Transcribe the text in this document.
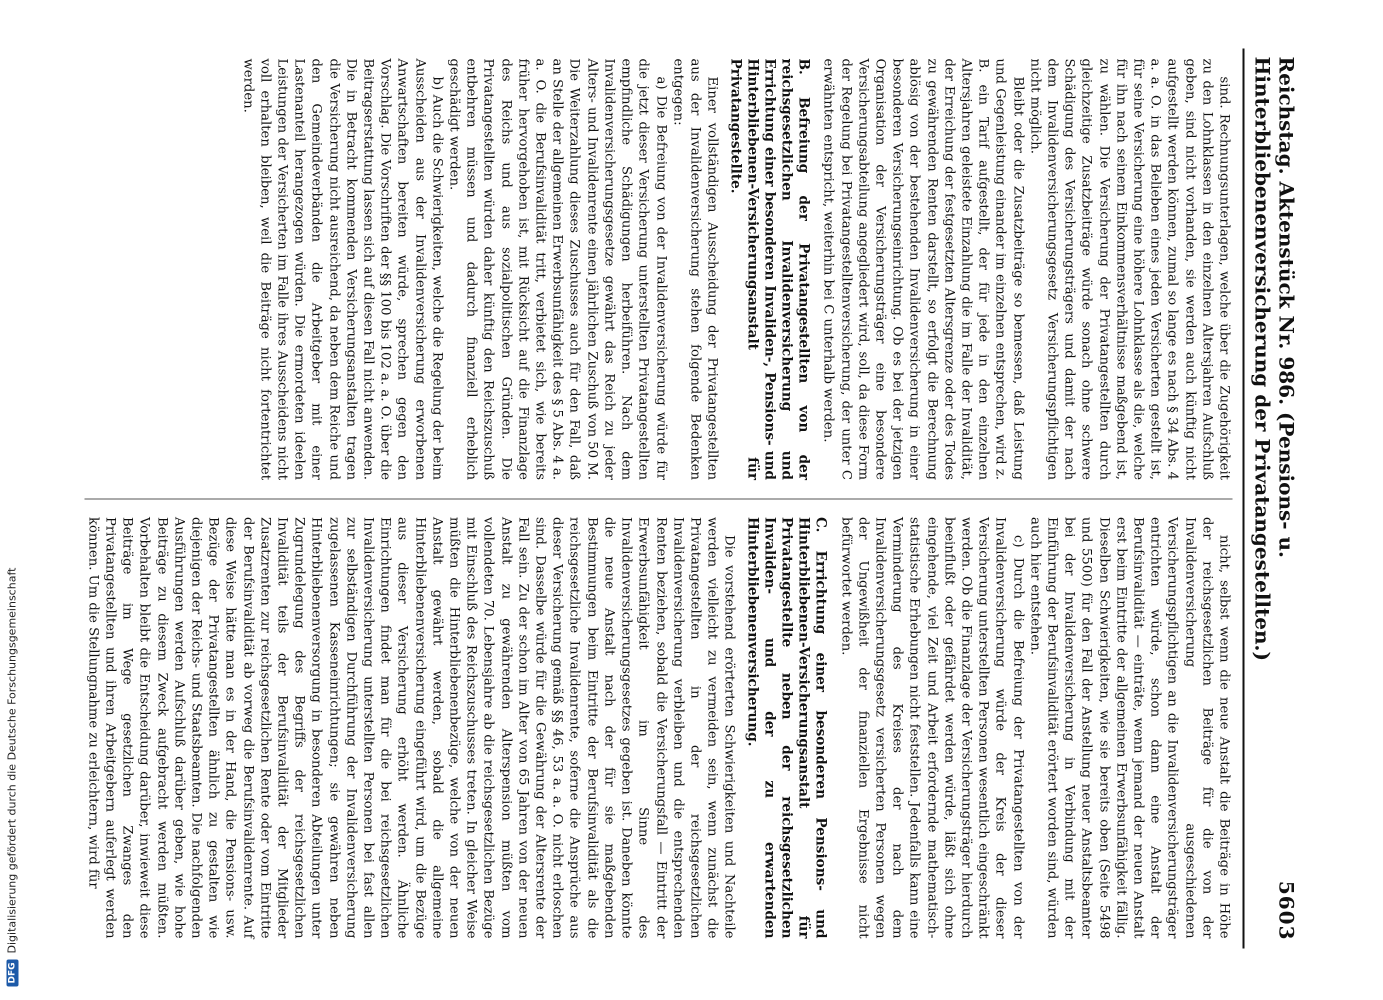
DFG
Digitalisierung gefördert durch die Deutsche Forschungsgemeinschaft
Reichstag. Aktenstück Nr. 986. (Pensions- u. Hinterbliebenenversicherung der Privatangestellten.)
5603

sind. Rechnungsunterlagen, welche über die Zugehörigkeit zu den Lohnklassen in den einzelnen Altersjahren Aufschluß geben, sind nicht vorhanden, sie werden auch künftig nicht aufgestellt werden können, zumal so lange es nach § 34 Abs. 4 a. a. O. in das Belieben eines jeden Versicherten gestellt ist, für seine Versicherung eine höhere Lohnklasse als die, welche für ihn nach seinem Einkommensverhältnisse maßgebend ist, zu wählen. Die Versicherung der Privatangestellten durch gleichzeitige Zusatzbeiträge würde sonach ohne schwere Schädigung des Versicherungsträgers und damit der nach dem Invalidenversicherungsgesetz Versicherungspflichtigen nicht möglich.

Bleibt oder die Zusatzbeiträge so bemessen, daß Leistung und Gegenleistung einander im einzelnen entsprechen, wird z. B. ein Tarif aufgestellt, der für jede in den einzelnen Altersjahren geleistete Einzahlung die im Falle der Invalidität, der Erreichung der festgesetzten Altersgrenze oder des Todes zu gewährenden Renten darstellt, so erfolgt die Berechnung ablösig von der bestehenden Invalidenversicherung in einer besonderen Versicherungseinrichtung. Ob es bei der jetzigen Organisation der Versicherungsträger eine besondere Versicherungsabteilung angegliedert wird, soll, da diese Form der Regelung bei Privatangestelltenversicherung, der unter C erwähnten entspricht, weiterhin bei C unterhalb werden.

B. Befreiung der Privatangestellten von der reichsgesetzlichen Invalidenversicherung und Errichtung einer besonderen Invaliden-, Pensions- und Hinterbliebenen-Versicherungsanstalt für Privatangestellte.

Einer vollständigen Ausscheidung der Privatangestellten aus der Invalidenversicherung stehen folgende Bedenken entgegen:

a) Die Befreiung von der Invalidenversicherung würde für die jetzt dieser Versicherung unterstellten Privatangestellten empfindliche Schädigungen herbeiführen. Nach dem Invalidenversicherungsgesetze gewährt das Reich zu jeder Alters- und Invalidenrente einen jährlichen Zuschuß von 50 M. Die Weiterzahlung dieses Zuschusses auch für den Fall, daß an Stelle der allgemeinen Erwerbsunfähigkeit des § 5 Abs. 4 a. a. O. die Berufsinvalidität tritt, verbietet sich, wie bereits früher hervorgehoben ist, mit Rücksicht auf die Finanzlage des Reichs und aus sozialpolitischen Gründen. Die Privatangestellten würden daher künftig den Reichszuschuß entbehren müssen und dadurch finanziell erheblich geschädigt werden.

b) Auch die Schwierigkeiten, welche die Regelung der beim Ausscheiden aus der Invalidenversicherung erworbenen Anwartschaften bereiten würde, sprechen gegen den Vorschlag. Die Vorschriften der §§ 100 bis 102 a. a. O. über die Beitragserstattung lassen sich auf diesen Fall nicht anwenden. Die in Betracht kommenden Versicherungsanstalten tragen die Versicherung nicht ausreichend, da neben dem Reiche und den Gemeindeverbänden die Arbeitgeber mit einer Lastenanteil herangezogen würden. Die ermordeten ideelen Leistungen der Versicherten im Falle ihres Ausscheidens nicht voll erhalten bleiben, weil die Beiträge nicht fortentrichtet werden.

nicht, selbst wenn die neue Anstalt die Beiträge in Höhe der reichsgesetzlichen Beiträge für die von der Invalidenversicherung ausgeschiedenen Versicherungspflichtigen an die Invalidenversicherungsträger entrichten würde, schon dann eine Anstalt der Berufsinvalidität — einträte, wenn jemand der neuen Anstalt erst beim Eintritte der allgemeinen Erwerbsunfähigkeit fällig. Dieselben Schwierigkeiten, wie sie bereits oben (Seite 5498 und 5500) für den Fall der Anstellung neuer Anstaltsbeamter bei der Invalidenversicherung in Verbindung mit der Einführung der Berufsinvalidität erörtert worden sind, würden auch hier entstehen.

c) Durch die Befreiung der Privatangestellten von der Invalidenversicherung würde der Kreis der dieser Versicherung unterstellten Personen wesentlich eingeschränkt werden. Ob die Finanzlage der Versicherungsträger hierdurch beeinflußt oder gefährdet werden würde, läßt sich ohne eingehende, viel Zeit und Arbeit erfordernde mathematisch-statistische Erhebungen nicht feststellen. Jedenfalls kann eine Verminderung des Kreises der nach dem Invalidenversicherungsgesetz versicherten Personen wegen der Ungewißheit der finanziellen Ergebnisse nicht befürwortet werden.

C. Errichtung einer besonderen Pensions- und Hinterbliebenen-Versicherungsanstalt für Privatangestellte neben der reichsgesetzlichen Invaliden- und der zu erwartenden Hinterbliebenenversicherung.

Die vorstehend erörterten Schwierigkeiten und Nachteile werden vielleicht zu vermeiden sein, wenn zunächst die Privatangestellten in der reichsgesetzlichen Invalidenversicherung verbleiben und die entsprechenden Renten beziehen, sobald die Versicherungsfall — Eintritt der Erwerbsunfähigkeit im Sinne des Invalidenversicherungsgesetzes gegeben ist. Daneben könnte die neue Anstalt nach der für sie maßgebenden Bestimmungen beim Eintritte der Berufsinvalidität als die reichsgesetzliche Invalidenrente, soferne die Ansprüche aus dieser Versicherung gemäß §§ 46, 53 a. a. O. nicht erloschen sind. Dasselbe würde für die Gewährung der Altersrente der Fall sein. Zu der schon im Alter von 65 Jahren von der neuen Anstalt zu gewährenden Alterspension müßten vom vollendeten 70. Lebensjahre ab die reichsgesetzlichen Bezüge mit Einschluß des Reichszuschusses treten. In gleicher Weise müßten die Hinterbliebenenbezüge, welche von der neuen Anstalt gewährt werden, sobald die allgemeine Hinterbliebenenversicherung eingeführt wird, um die Bezüge aus dieser Versicherung erhöht werden. Ähnliche Einrichtungen findet man für die bei reichsgesetzlichen Invalidenversicherung unterstellten Personen bei fast allen zur selbständigen Durchführung der Invalidenversicherung zugelassenen Kasseneinrichtungen; sie gewähren neben Hinterbliebenenversorgung in besonderen Abteilungen unter Zugrundelegung des Begriffs der reichsgesetzlichen Invalidität teils der Berufsinvalidität der Mitglieder Zusatzrenten zur reichsgesetzlichen Rente oder vom Eintritte der Berufsinvalidität ab vorweg die Berufsinvalidenrente. Auf diese Weise hätte man es in der Hand, die Pensions- usw. Bezüge der Privatangestellten ähnlich zu gestalten wie diejenigen der Reichs- und Staatsbeamten. Die nachfolgenden Ausführungen werden Aufschluß darüber geben, wie hohe Beiträge zu diesem Zweck aufgebracht werden müßten. Vorbehalten bleibt die Entscheidung darüber, inwieweit diese Beiträge im Wege gesetzlichen Zwanges den Privatangestellten und ihren Arbeitgebern auferlegt werden können. Um die Stellungnahme zu erleichtern, wird für
